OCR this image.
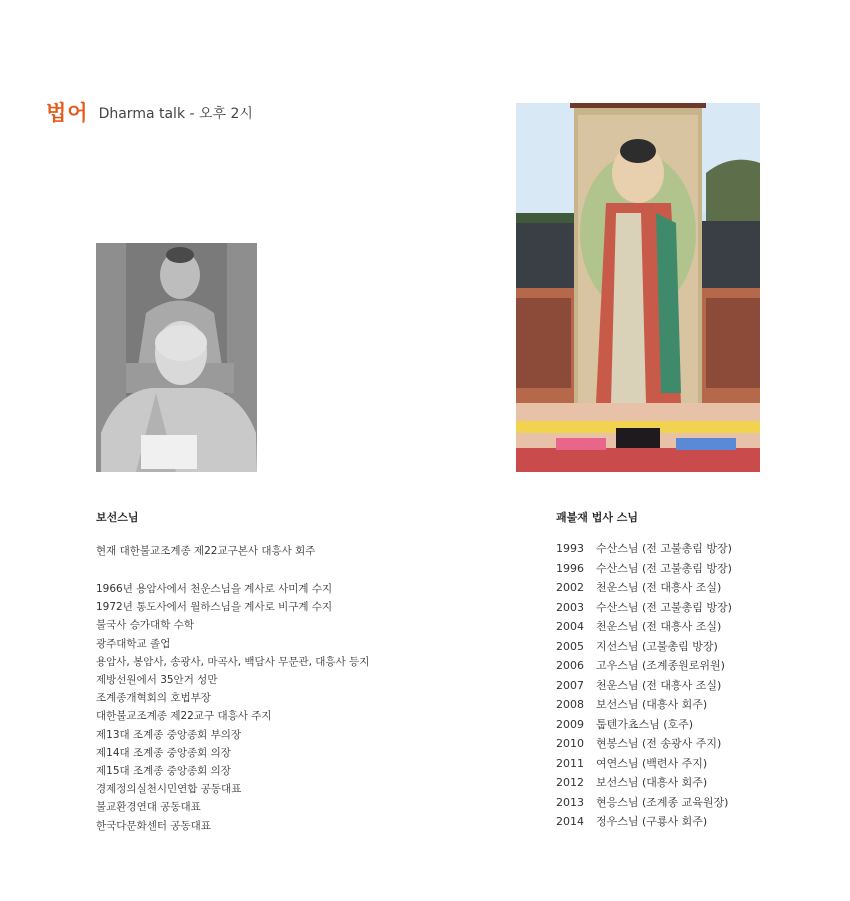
법어 Dharma talk - 오후 2시
보선스님
현재 대한불교조계종 제22교구본사 대흥사 회주
1966년 용암사에서 천운스님을 계사로 사미계 수지
1972년 통도사에서 월하스님을 계사로 비구계 수지
불국사 승가대학 수학
광주대학교 졸업
용암사, 봉암사, 송광사, 마곡사, 백담사 무문관, 대흥사 등지
제방선원에서 35안거 성만
조계종개혁회의 호법부장
대한불교조계종 제22교구 대흥사 주지
제13대 조계종 중앙종회 부의장
제14대 조계종 중앙종회 의장
제15대 조계종 중앙종회 의장
경제정의실천시민연합 공동대표
불교환경연대 공동대표
한국다문화센터 공동대표
괘불재 법사 스님
1993	수산스님 (전 고불총림 방장)
1996	수산스님 (전 고불총림 방장)
2002	천운스님 (전 대흥사 조실)
2003	수산스님 (전 고불총림 방장)
2004	천운스님 (전 대흥사 조실)
2005	지선스님 (고불총림 방장)
2006	고우스님 (조계종원로위원)
2007	천운스님 (전 대흥사 조실)
2008	보선스님 (대흥사 회주)
2009	툽텐가쵸스님 (호주)
2010	현봉스님 (전 송광사 주지)
2011	여연스님 (백련사 주지)
2012	보선스님 (대흥사 회주)
2013	현응스님 (조계종 교육원장)
2014	정우스님 (구룡사 회주)
